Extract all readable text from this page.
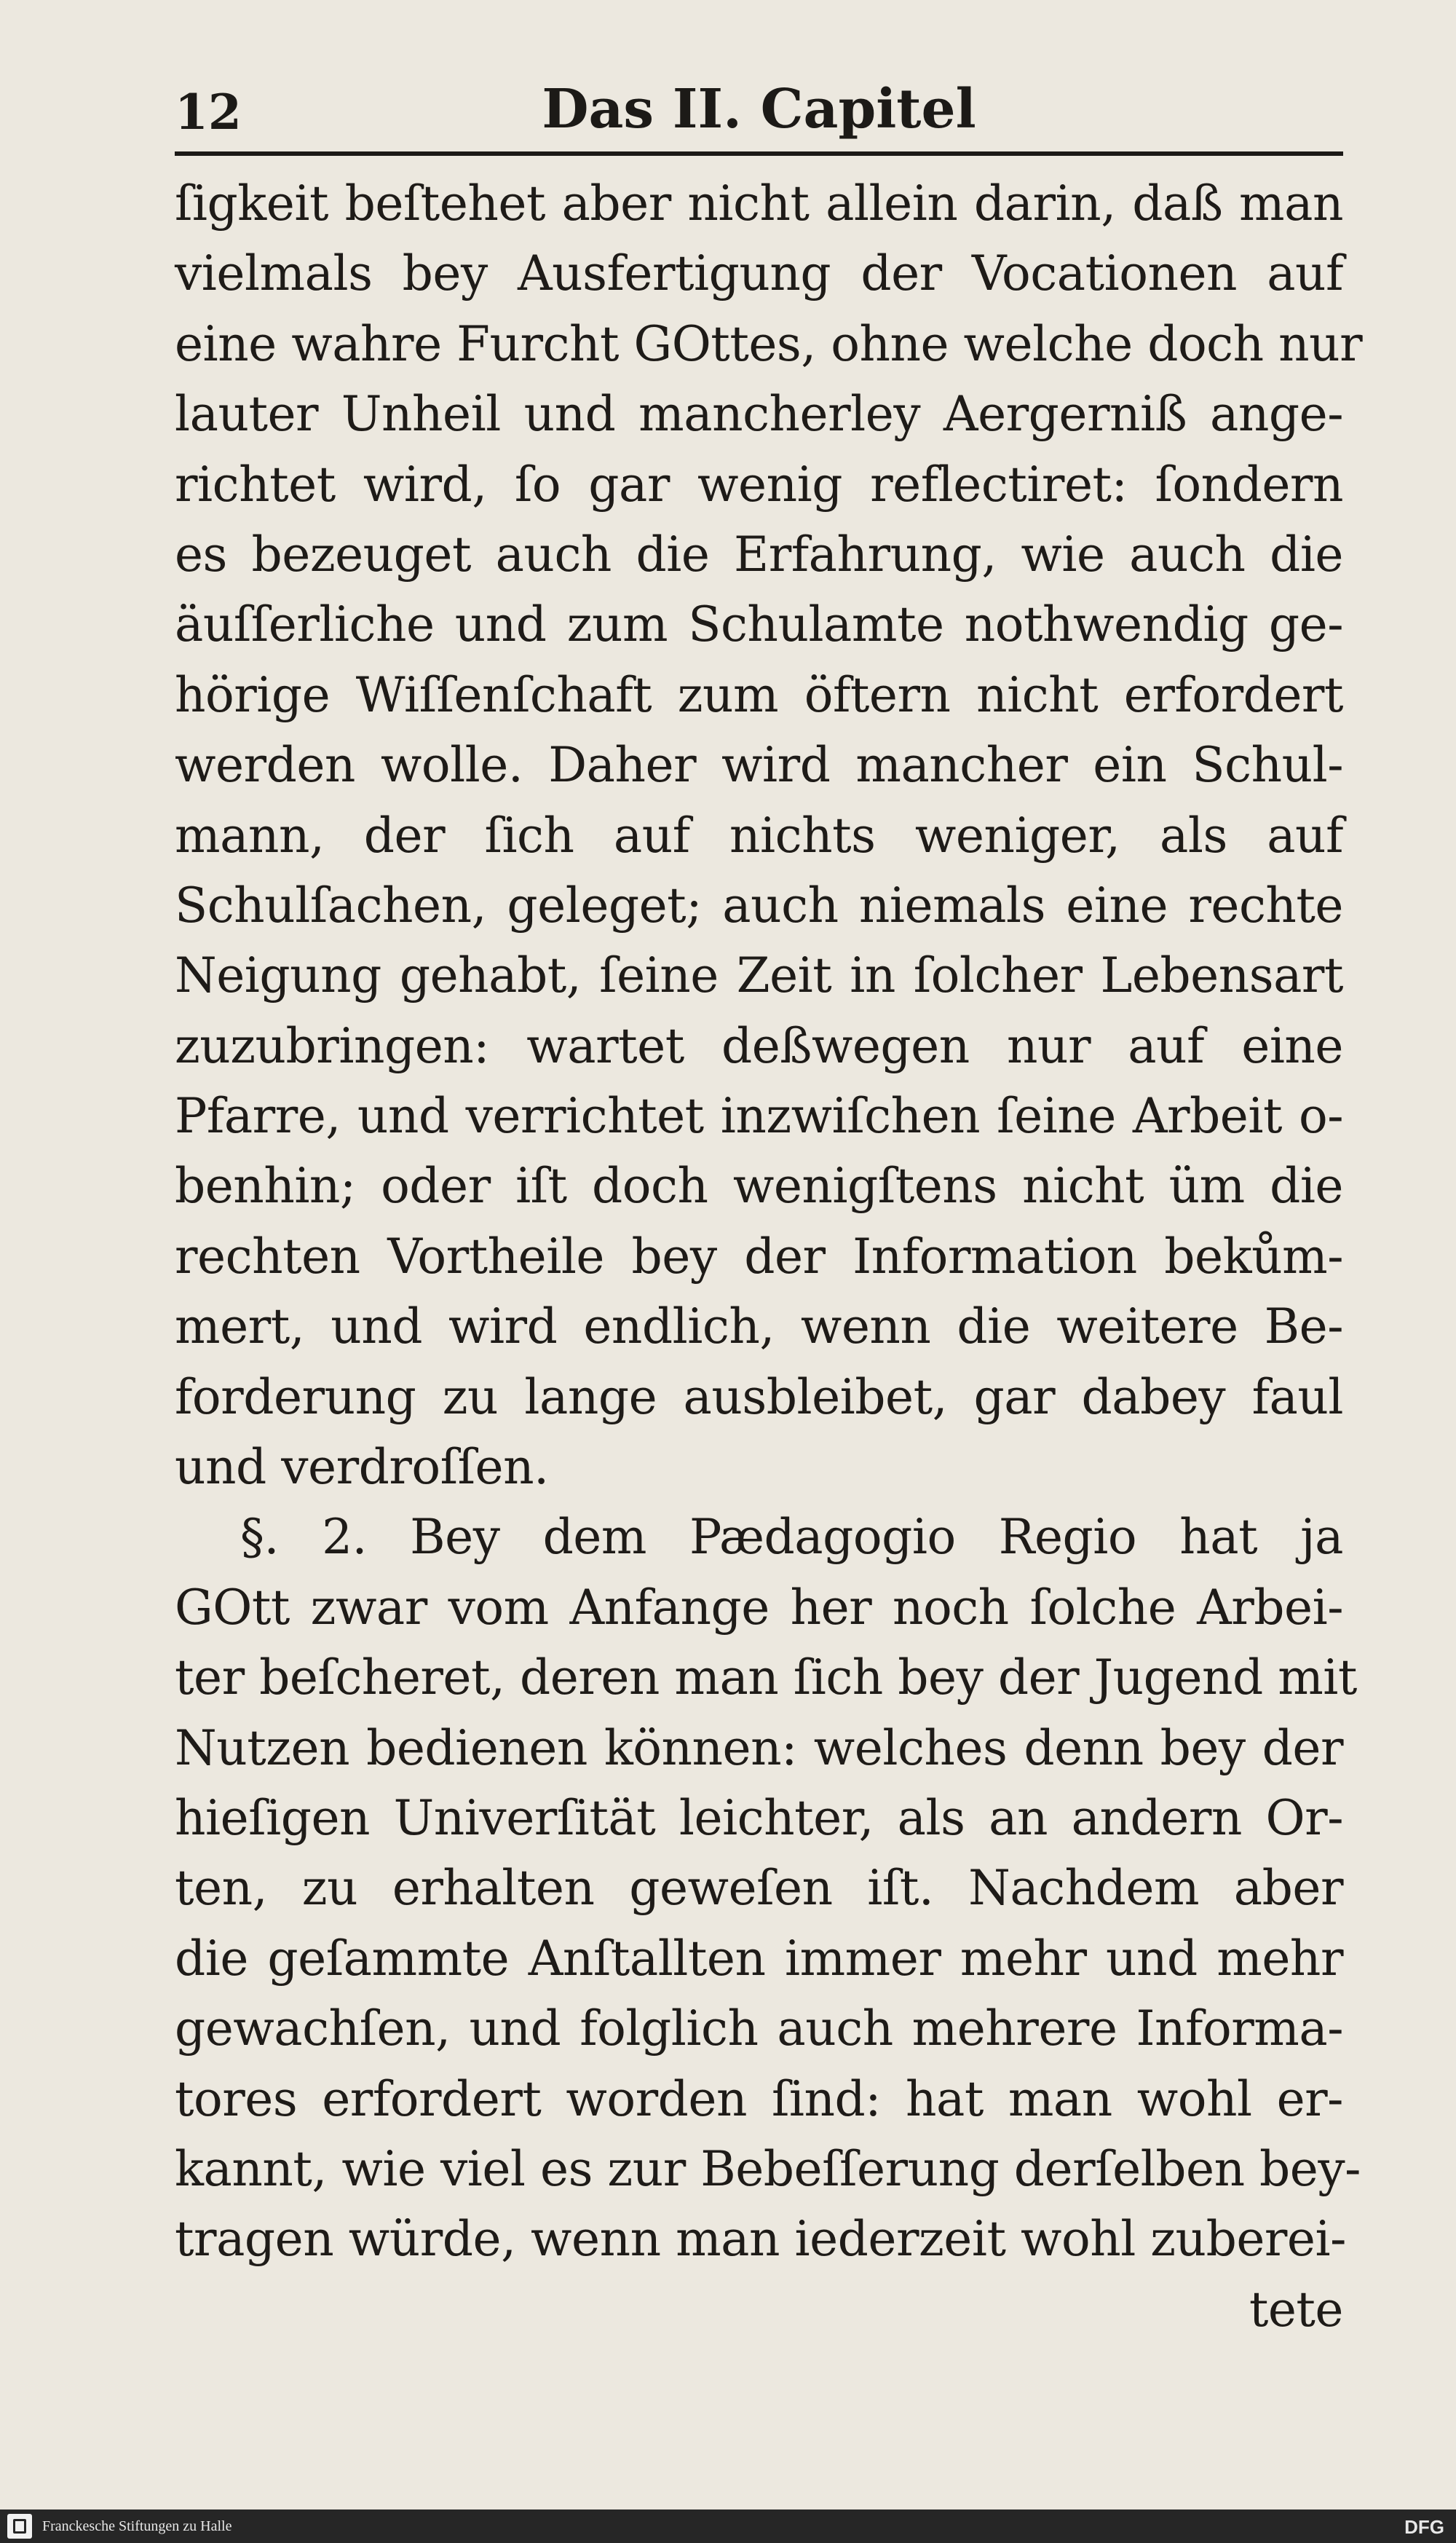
12	Das II. Capitel
ſigkeit beſtehet aber nicht allein darin, daß man
vielmals bey Ausfertigung der Vocationen auf
eine wahre Furcht GOttes, ohne welche doch nur
lauter Unheil und mancherley Aergerniß ange-
richtet wird, ſo gar wenig reflectiret: ſondern
es bezeuget auch die Erfahrung, wie auch die
äuſſerliche und zum Schulamte nothwendig ge-
hörige Wiſſenſchaft zum öftern nicht erfordert
werden wolle. Daher wird mancher ein Schul-
mann, der ſich auf nichts weniger, als auf
Schulſachen, geleget; auch niemals eine rechte
Neigung gehabt, ſeine Zeit in ſolcher Lebensart
zuzubringen: wartet deßwegen nur auf eine
Pfarre, und verrichtet inzwiſchen ſeine Arbeit o-
benhin; oder iſt doch wenigſtens nicht üm die
rechten Vortheile bey der Information bekům-
mert, und wird endlich, wenn die weitere Be-
forderung zu lange ausbleibet, gar dabey faul
und verdroſſen.
§. 2. Bey dem Pædagogio Regio hat ja
GOtt zwar vom Anfange her noch ſolche Arbei-
ter beſcheret, deren man ſich bey der Jugend mit
Nutzen bedienen können: welches denn bey der
hieſigen Univerſität leichter, als an andern Or-
ten, zu erhalten geweſen iſt. Nachdem aber
die geſammte Anſtallten immer mehr und mehr
gewachſen, und folglich auch mehrere Informa-
tores erfordert worden ſind: hat man wohl er-
kannt, wie viel es zur Bebeſſerung derſelben bey-
tragen würde, wenn man iederzeit wohl zuberei-
tete
Franckesche Stiftungen zu Halle	DFG
